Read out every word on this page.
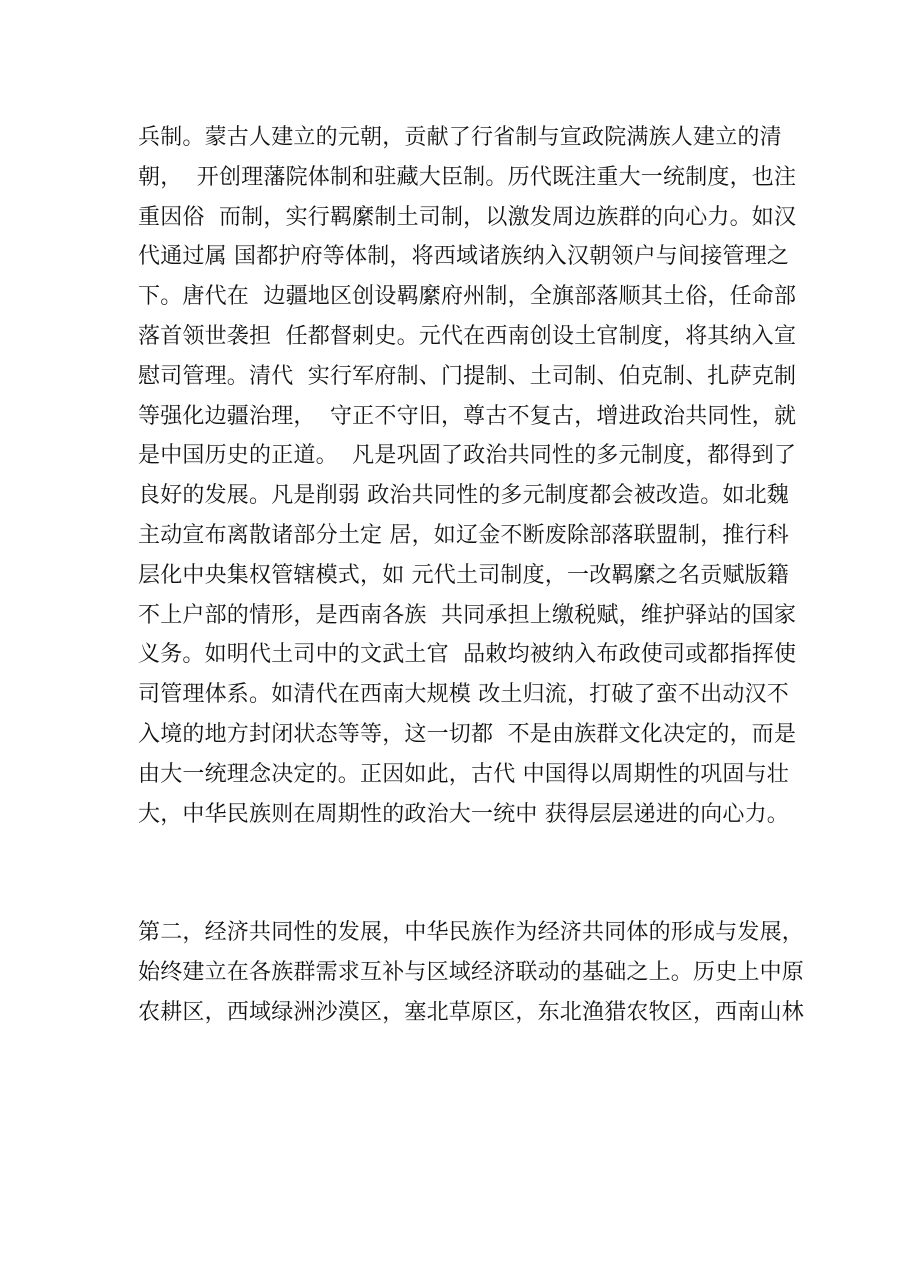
兵制。蒙古人建立的元朝，贡献了行省制与宣政院满族人建立的清
朝，  开创理藩院体制和驻藏大臣制。历代既注重大一统制度，也注
重因俗  而制，实行羁縻制土司制，以激发周边族群的向心力。如汉
代通过属 国都护府等体制，将西域诸族纳入汉朝领户与间接管理之
下。唐代在  边疆地区创设羁縻府州制，全旗部落顺其土俗，任命部
落首领世袭担  任都督刺史。元代在西南创设土官制度，将其纳入宣
慰司管理。清代  实行军府制、门提制、土司制、伯克制、扎萨克制
等强化边疆治理，  守正不守旧，尊古不复古，增进政治共同性，就
是中国历史的正道。  凡是巩固了政治共同性的多元制度，都得到了
良好的发展。凡是削弱 政治共同性的多元制度都会被改造。如北魏
主动宣布离散诸部分土定 居，如辽金不断废除部落联盟制，推行科
层化中央集权管辖模式，如 元代土司制度，一改羁縻之名贡赋版籍
不上户部的情形，是西南各族  共同承担上缴税赋，维护驿站的国家
义务。如明代土司中的文武土官  品敕均被纳入布政使司或都指挥使
司管理体系。如清代在西南大规模 改土归流，打破了蛮不出动汉不
入境的地方封闭状态等等，这一切都  不是由族群文化决定的，而是
由大一统理念决定的。正因如此，古代 中国得以周期性的巩固与壮
大，中华民族则在周期性的政治大一统中 获得层层递进的向心力。
第二，经济共同性的发展，中华民族作为经济共同体的形成与发展，
始终建立在各族群需求互补与区域经济联动的基础之上。历史上中原
农耕区，西域绿洲沙漠区，塞北草原区，东北渔猎农牧区，西南山林
